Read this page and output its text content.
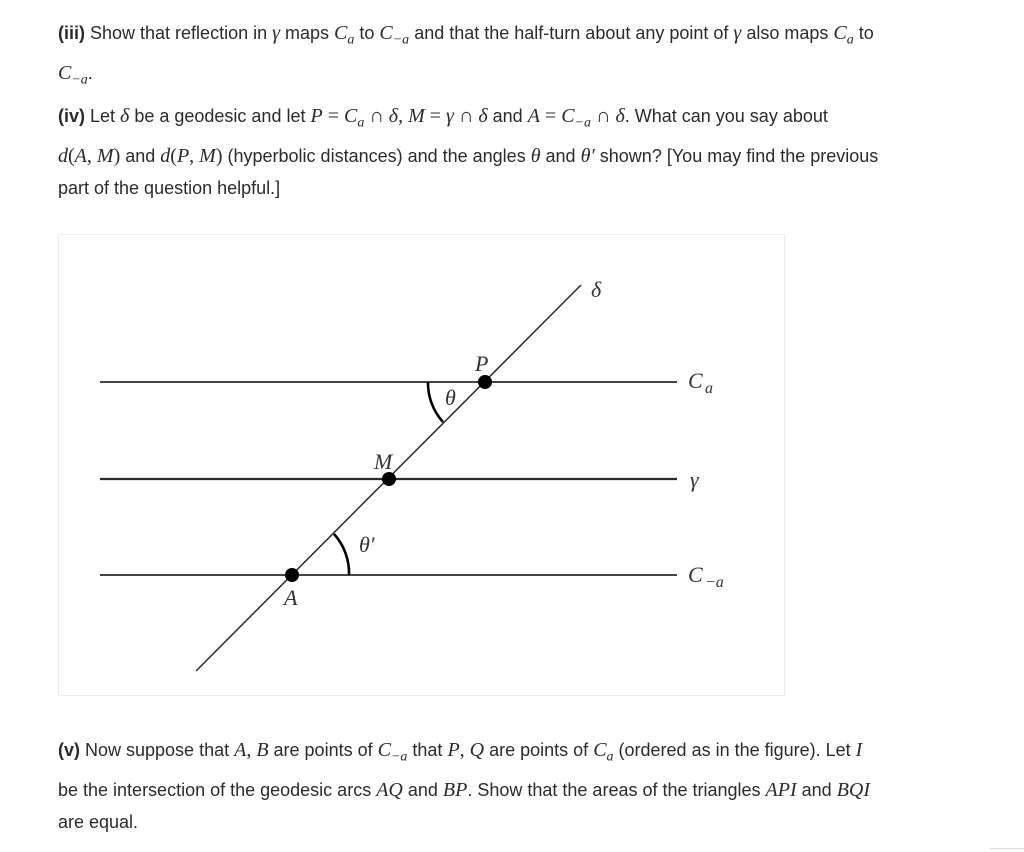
(iii) Show that reflection in γ maps $C_a$ to $C_{-a}$ and that the half-turn about any point of γ also maps $C_a$ to
$C_{-a}$.

(iv) Let δ be a geodesic and let $P = C_a$ ∩ δ, M = γ ∩ δ and $A = C_{-a}$ ∩ δ. What can you say about
d(A, M) and d(P, M) (hyperbolic distances) and the angles θ and θ′ shown? [You may find the previous
part of the question helpful.]

δ
P
θ
M
θ′
A
C a
γ
C −a

(v) Now suppose that A, B are points of $C_{-a}$ that P, Q are points of $C_a$ (ordered as in the figure). Let I
be the intersection of the geodesic arcs AQ and BP. Show that the areas of the triangles API and BQI
are equal.
